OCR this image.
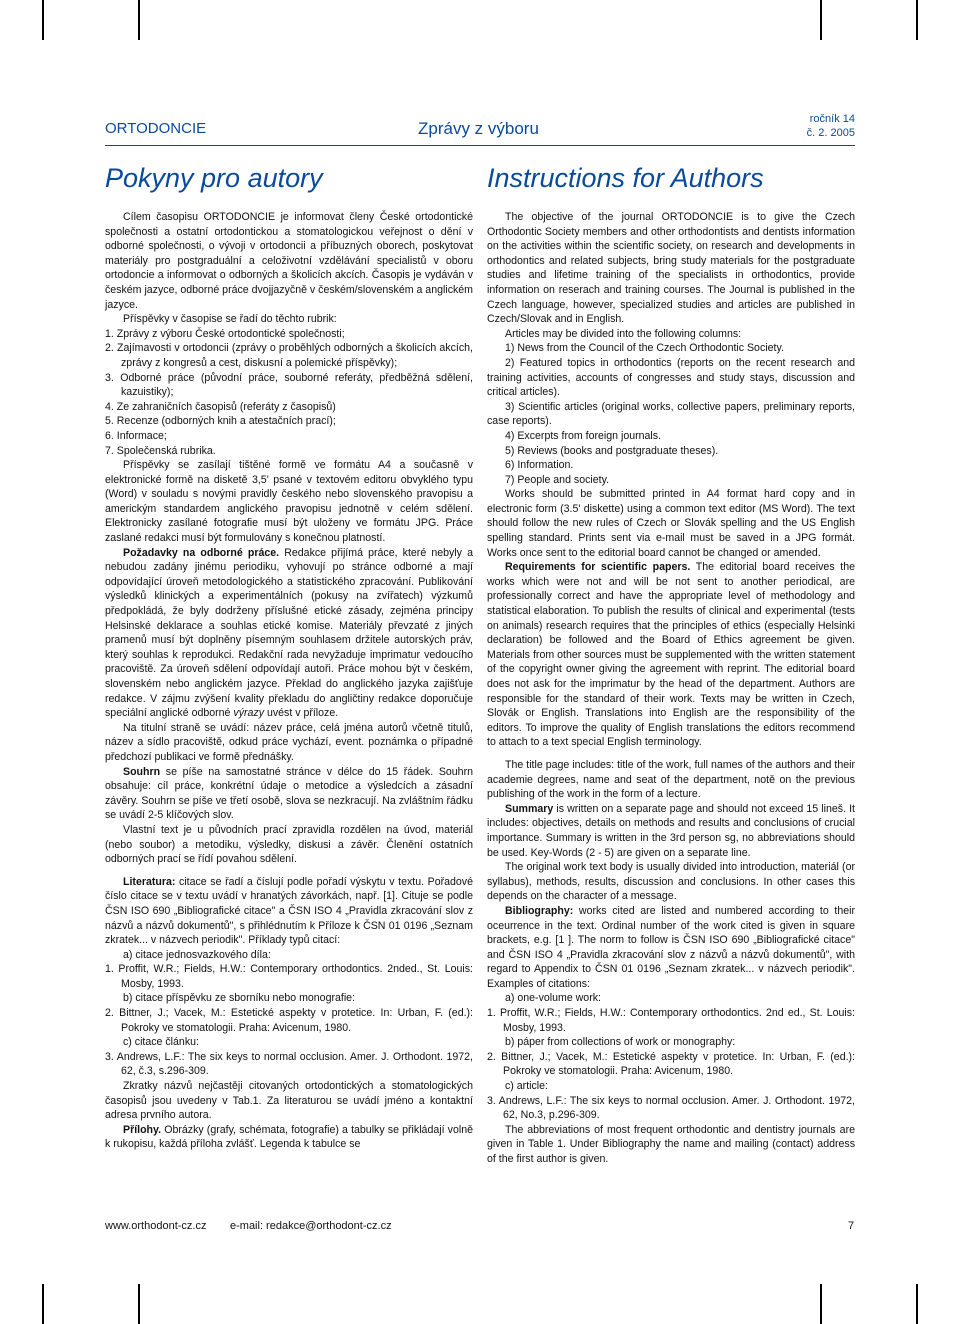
ORTODONCIE	Zprávy z výboru	ročník 14
č. 2. 2005
Pokyny pro autory	Instructions for Authors

Cílem časopisu ORTODONCIE je informovat členy České ortodontické společnosti a ostatní ortodontickou a stomatologickou veřejnost o dění v odborné společnosti, o vývoji v ortodoncii a příbuzných oborech, poskytovat materiály pro postgraduální a celoživotní vzdělávání specialistů v oboru ortodoncie a informovat o odborných a školicích akcích. Časopis je vydáván v českém jazyce, odborné práce dvojjazyčně v českém/slovenském a anglickém jazyce.

Příspěvky v časopise se řadí do těchto rubrik:

1. Zprávy z výboru České ortodontické společnosti;

2. Zajímavosti v ortodoncii (zprávy o proběhlých odborných a školicích akcích, zprávy z kongresů a cest, diskusní a polemické příspěvky);

3. Odborné práce (původní práce, souborné referáty, předběžná sdělení, kazuistiky);

4. Ze zahraničních časopisů (referáty z časopisů)

5. Recenze (odborných knih a atestačních prací);

6. Informace;

7. Společenská rubrika.

Příspěvky se zasílají tištěné formě ve formátu A4 a současně v elektronické formě na disketě 3,5' psané v textovém editoru obvyklého typu (Word) v souladu s novými pravidly českého nebo slovenského pravopisu a americkým standardem anglického pravopisu jednotně v celém sdělení. Elektronicky zasílané fotografie musí být uloženy ve formátu JPG. Práce zaslané redakci musí být formulovány s konečnou platností.

Požadavky na odborné práce. Redakce přijímá práce, které nebyly a nebudou zadány jinému periodiku, vyhovují po stránce odborné a mají odpovídající úroveň metodologického a statistického zpracování. Publikování výsledků klinických a experimentálních (pokusy na zvířatech) výzkumů předpokládá, že byly dodrženy příslušné etické zásady, zejména principy Helsinské deklarace a souhlas etické komise. Materiály převzaté z jiných pramenů musí být doplněny písemným souhlasem držitele autorských práv, který souhlas k reprodukci. Redakční rada nevyžaduje imprimatur vedoucího pracoviště. Za úroveň sdělení odpovídají autoři. Práce mohou být v českém, slovenském nebo anglickém jazyce. Překlad do anglického jazyka zajišťuje redakce. V zájmu zvýšení kvality překladu do angličtiny redakce doporučuje speciální anglické odborné výrazy uvést v příloze.

Na titulní straně se uvádí: název práce, celá jména autorů včetně titulů, název a sídlo pracoviště, odkud práce vychází, event. poznámka o případné předchozí publikaci ve formě přednášky.

Souhrn se píše na samostatné stránce v délce do 15 řádek. Souhrn obsahuje: cíl práce, konkrétní údaje o metodice a výsledcích a zásadní závěry. Souhrn se píše ve třetí osobě, slova se nezkracují. Na zvláštním řádku se uvádí 2-5 klíčových slov.

Vlastní text je u původních prací zpravidla rozdělen na úvod, materiál (nebo soubor) a metodiku, výsledky, diskusi a závěr. Členění ostatních odborných prací se řídí povahou sdělení.

Literatura: citace se řadí a číslují podle pořadí výskytu v textu. Pořadové číslo citace se v textu uvádí v hranatých závorkách, např. [1]. Cituje se podle ČSN ISO 690 „Bibliografické citace" a ČSN ISO 4 „Pravidla zkracování slov z názvů a názvů dokumentů", s přihlédnutím k Příloze k ČSN 01 0196 „Seznam zkratek... v názvech periodik". Příklady typů citací:

a) citace jednosvazkového díla:

1. Proffit, W.R.; Fields, H.W.: Contemporary orthodontics. 2nded., St. Louis: Mosby, 1993.

b) citace příspěvku ze sborníku nebo monografie:

2. Bittner, J.; Vacek, M.: Estetické aspekty v protetice. In: Urban, F. (ed.): Pokroky ve stomatologii. Praha: Avicenum, 1980.

c) citace článku:

3. Andrews, L.F.: The six keys to normal occlusion. Amer. J. Orthodont. 1972, 62, č.3, s.296-309.

Zkratky názvů nejčastěji citovaných ortodontických a stomatologických časopisů jsou uvedeny v Tab.1. Za literaturou se uvádí jméno a kontaktní adresa prvního autora.

Přílohy. Obrázky (grafy, schémata, fotografie) a tabulky se přikládají volně k rukopisu, každá příloha zvlášť. Legenda k tabulce se

The objective of the journal ORTODONCIE is to give the Czech Orthodontic Society members and other orthodontists and dentists information on the activities within the scientific society, on research and developments in orthodontics and related subjects, bring study materials for the postgraduate studies and lifetime training of the specialists in orthodontics, provide information on reserach and training courses. The Journal is published in the Czech language, however, specialized studies and articles are published in Czech/Slovak and in English.

Articles may be divided into the following columns:

1) News from the Council of the Czech Orthodontic Society.

2) Featured topics in orthodontics (reports on the recent research and training activities, accounts of congresses and study stays, discussion and critical articles).

3) Scientific articles (original works, collective papers, preliminary reports, case reports).

4) Excerpts from foreign journals.

5) Reviews (books and postgraduate theses).

6) Information.

7) People and society.

Works should be submitted printed in A4 format hard copy and in electronic form (3.5' diskette) using a common text editor (MS Word). The text should follow the new rules of Czech or Slovák spelling and the US English spelling standard. Prints sent via e-mail must be saved in a JPG formát. Works once sent to the editorial board cannot be changed or amended.

Requirements for scientific papers. The editorial board receives the works which were not and will be not sent to another periodical, are professionally correct and have the appropriate level of methodology and statistical elaboration. To publish the results of clinical and experimental (tests on animals) research requires that the principles of ethics (especially Helsinki declaration) be followed and the Board of Ethics agreement be given. Materials from other sources must be supplemented with the written statement of the copyright owner giving the agreement with reprint. The editorial board does not ask for the imprimatur by the head of the department. Authors are responsible for the standard of their work. Texts may be written in Czech, Slovák or English. Translations into English are the responsibility of the editors. To improve the quality of English translations the editors recommend to attach to a text special English terminology.

The title page includes: title of the work, full names of the authors and their academie degrees, name and seat of the department, notě on the previous publishing of the work in the form of a lecture.

Summary is written on a separate page and should not exceed 15 lineš. It includes: objectives, details on methods and results and conclusions of crucial importance. Summary is written in the 3rd person sg, no abbreviations should be used. Key-Words (2 - 5) are given on a separate line.

The original work text body is usually divided into introduction, materiál (or syllabus), methods, results, discussion and conclusions. In other cases this depends on the character of a message.

Bibliography: works cited are listed and numbered according to their oceurrence in the text. Ordinal number of the work cited is given in square brackets, e.g. [1 ]. The norm to follow is ČSN ISO 690 „Bibliografické citace" and ČSN ISO 4 „Pravidla zkracování slov z názvů a názvů dokumentů", with regard to Appendix to ČSN 01 0196 „Seznam zkratek... v názvech periodik". Examples of citations:

a) one-volume work:

1. Proffit, W.R.; Fields, H.W.: Contemporary orthodontics. 2nd ed., St. Louis: Mosby, 1993.

b) páper from collections of work or monography:

2. Bittner, J.; Vacek, M.: Estetické aspekty v protetice. In: Urban, F. (ed.): Pokroky ve stomatologii. Praha: Avicenum, 1980.

c) article:

3. Andrews, L.F.: The six keys to normal occlusion. Amer. J. Orthodont. 1972, 62, No.3, p.296-309.

The abbreviations of most frequent orthodontic and dentistry journals are given in Table 1. Under Bibliography the name and mailing (contact) address of the first author is given.

www.orthodont-cz.cz e-mail: redakce@orthodont-cz.cz	7
